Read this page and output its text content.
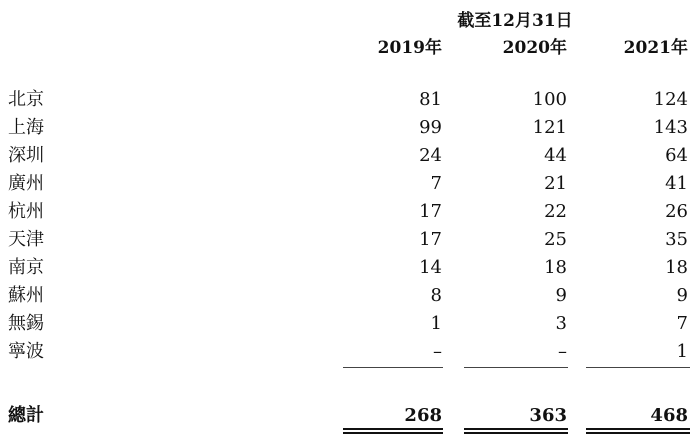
截至12月31日
2019年	2020年	2021年
北京	81	100	124
上海	99	121	143
深圳	24	44	64
廣州	7	21	41
杭州	17	22	26
天津	17	25	35
南京	14	18	18
蘇州	8	9	9
無錫	1	3	7
寧波	–	–	1
總計	268	363	468
